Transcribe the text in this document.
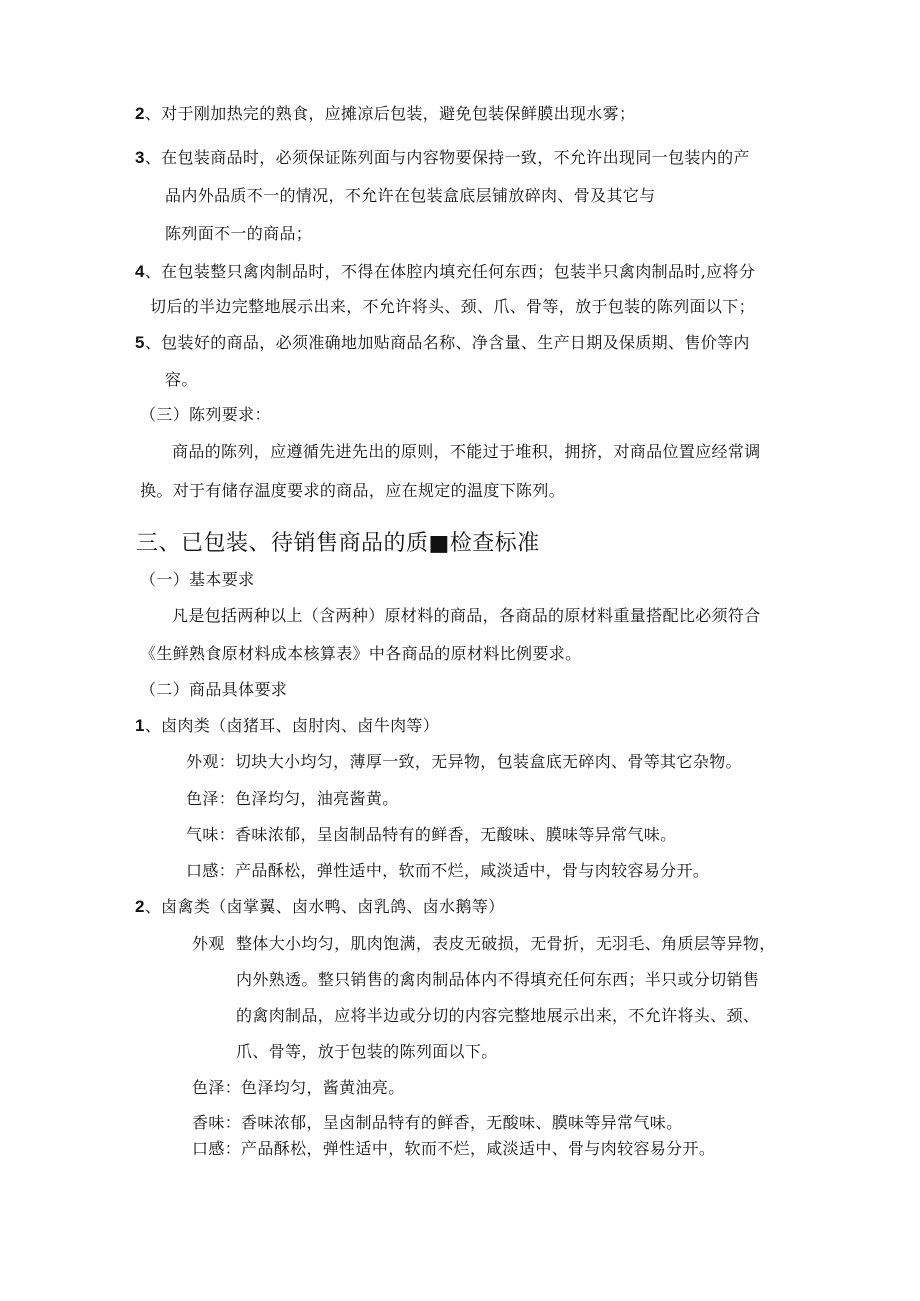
2、对于刚加热完的熟食，应摊凉后包装，避免包装保鲜膜出现水雾；
3、在包装商品时，必须保证陈列面与内容物要保持一致，不允许出现同一包装内的产
品内外品质不一的情况，不允许在包装盒底层铺放碎肉、骨及其它与
陈列面不一的商品；
4、在包装整只禽肉制品时，不得在体腔内填充任何东西；包装半只禽肉制品时,应将分
切后的半边完整地展示出来，不允许将头、颈、爪、骨等，放于包装的陈列面以下；
5、包装好的商品，必须准确地加贴商品名称、净含量、生产日期及保质期、售价等内
容。
（三）陈列要求：
商品的陈列，应遵循先进先出的原则，不能过于堆积，拥挤，对商品位置应经常调
换。对于有储存温度要求的商品，应在规定的温度下陈列。
三、已包装、待销售商品的质■检查标准
（一）基本要求
凡是包括两种以上（含两种）原材料的商品，各商品的原材料重量搭配比必须符合
《生鲜熟食原材料成本核算表》中各商品的原材料比例要求。
（二）商品具体要求
1、卤肉类（卤猪耳、卤肘肉、卤牛肉等）
外观：切块大小均匀，薄厚一致，无异物，包装盒底无碎肉、骨等其它杂物。
色泽：色泽均匀，油亮酱黄。
气味：香味浓郁，呈卤制品特有的鲜香，无酸味、膜味等异常气味。
口感：产品酥松，弹性适中，软而不烂，咸淡适中，骨与肉较容易分开。
2、卤禽类（卤掌翼、卤水鸭、卤乳鸽、卤水鹅等）
外观 整体大小均匀，肌肉饱满，表皮无破损，无骨折，无羽毛、角质层等异物，
内外熟透。整只销售的禽肉制品体内不得填充任何东西；半只或分切销售
的禽肉制品，应将半边或分切的内容完整地展示出来，不允许将头、颈、
爪、骨等，放于包装的陈列面以下。
色泽：色泽均匀，酱黄油亮。
香味：香味浓郁，呈卤制品特有的鲜香，无酸味、膜味等异常气味。
口感：产品酥松，弹性适中，软而不烂，咸淡适中、骨与肉较容易分开。
